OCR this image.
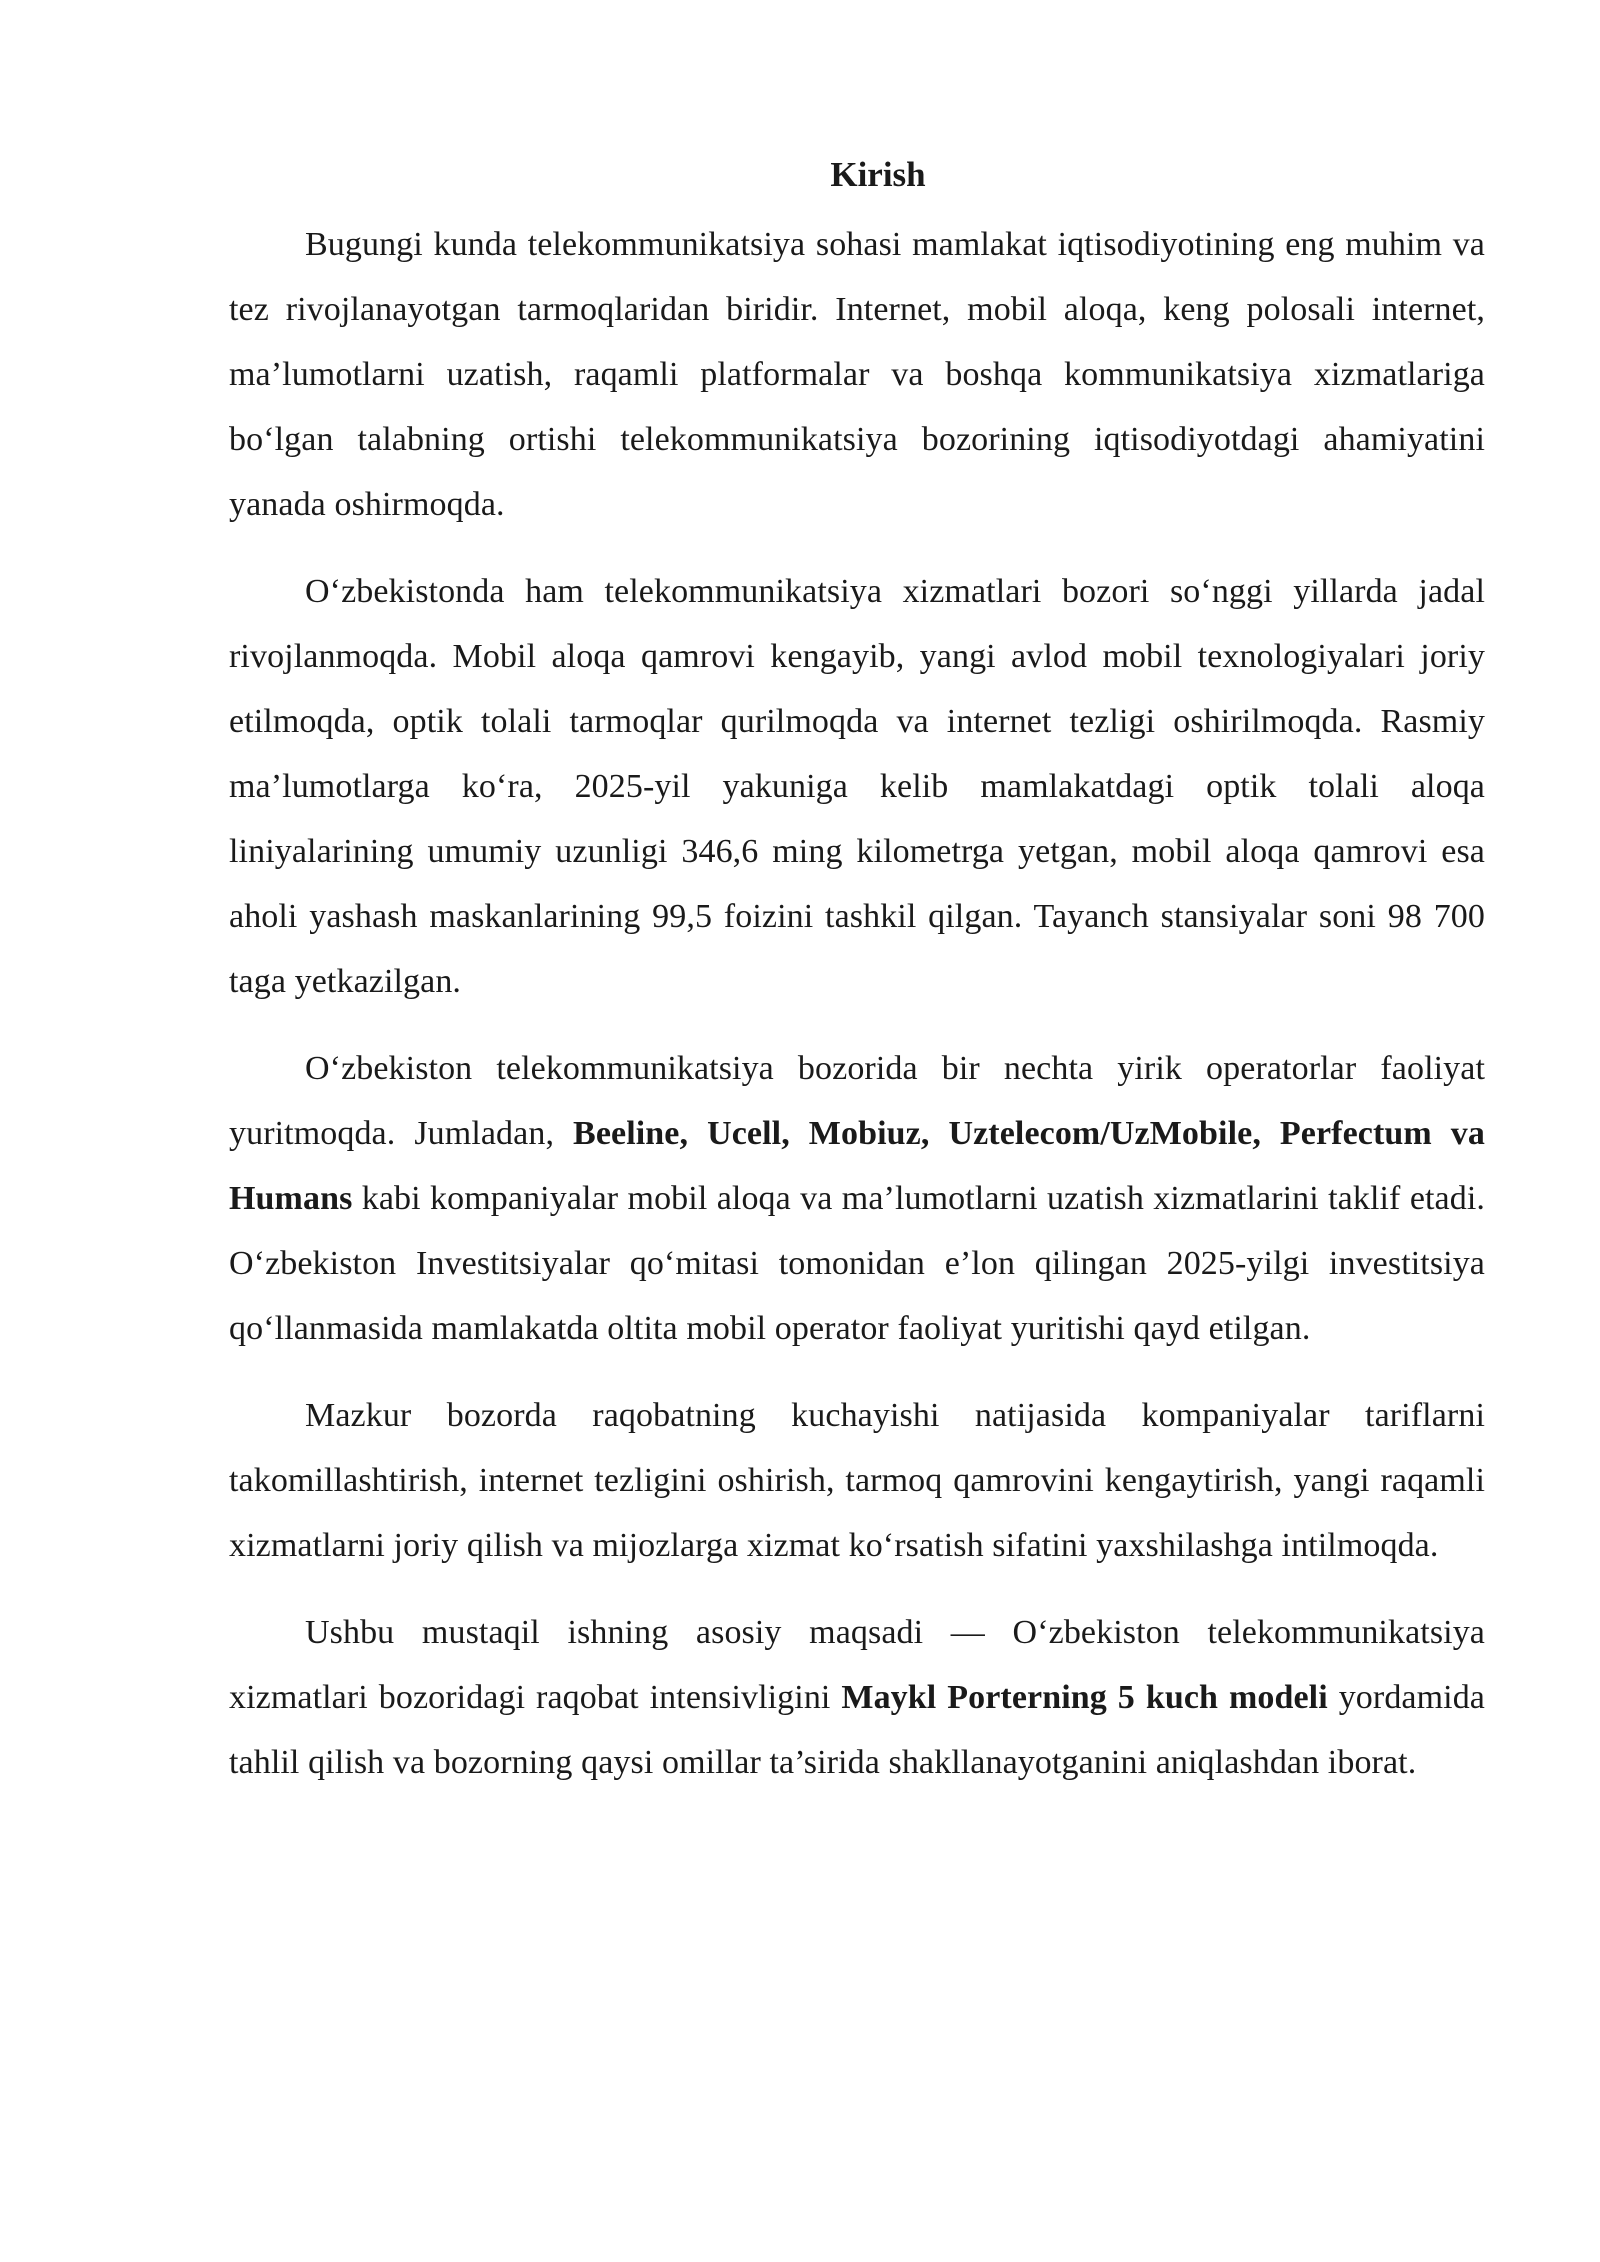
Kirish

Bugungi kunda telekommunikatsiya sohasi mamlakat iqtisodiyotining eng muhim va tez rivojlanayotgan tarmoqlaridan biridir. Internet, mobil aloqa, keng polosali internet, ma’lumotlarni uzatish, raqamli platformalar va boshqa kommunikatsiya xizmatlariga bo‘lgan talabning ortishi telekommunikatsiya bozorining iqtisodiyotdagi ahamiyatini yanada oshirmoqda.

O‘zbekistonda ham telekommunikatsiya xizmatlari bozori so‘nggi yillarda jadal rivojlanmoqda. Mobil aloqa qamrovi kengayib, yangi avlod mobil texnologiyalari joriy etilmoqda, optik tolali tarmoqlar qurilmoqda va internet tezligi oshirilmoqda. Rasmiy ma’lumotlarga ko‘ra, 2025-yil yakuniga kelib mamlakatdagi optik tolali aloqa liniyalarining umumiy uzunligi 346,6 ming kilometrga yetgan, mobil aloqa qamrovi esa aholi yashash maskanlarining 99,5 foizini tashkil qilgan. Tayanch stansiyalar soni 98 700 taga yetkazilgan.

O‘zbekiston telekommunikatsiya bozorida bir nechta yirik operatorlar faoliyat yuritmoqda. Jumladan, Beeline, Ucell, Mobiuz, Uztelecom/UzMobile, Perfectum va Humans kabi kompaniyalar mobil aloqa va ma’lumotlarni uzatish xizmatlarini taklif etadi. O‘zbekiston Investitsiyalar qo‘mitasi tomonidan e’lon qilingan 2025-yilgi investitsiya qo‘llanmasida mamlakatda oltita mobil operator faoliyat yuritishi qayd etilgan.

Mazkur bozorda raqobatning kuchayishi natijasida kompaniyalar tariflarni takomillashtirish, internet tezligini oshirish, tarmoq qamrovini kengaytirish, yangi raqamli xizmatlarni joriy qilish va mijozlarga xizmat ko‘rsatish sifatini yaxshilashga intilmoqda.

Ushbu mustaqil ishning asosiy maqsadi — O‘zbekiston telekommunikatsiya xizmatlari bozoridagi raqobat intensivligini Maykl Porterning 5 kuch modeli yordamida tahlil qilish va bozorning qaysi omillar ta’sirida shakllanayotganini aniqlashdan iborat.
